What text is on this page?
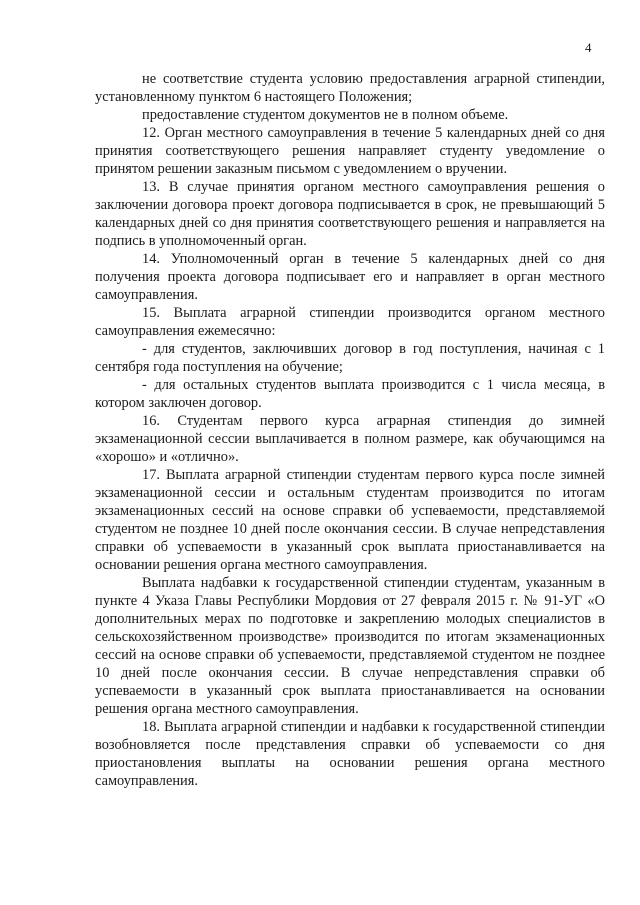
4

не соответствие студента условию предоставления аграрной стипендии, установленному пунктом 6 настоящего Положения;

предоставление студентом документов не в полном объеме.

12. Орган местного самоуправления в течение 5 календарных дней со дня принятия соответствующего решения направляет студенту уведомление о принятом решении заказным письмом с уведомлением о вручении.

13. В случае принятия органом местного самоуправления решения о заключении договора проект договора подписывается в срок, не превышающий 5 календарных дней со дня принятия соответствующего решения и направляется на подпись в уполномоченный орган.

14. Уполномоченный орган в течение 5 календарных дней со дня получения проекта договора подписывает его и направляет в орган местного самоуправления.

15. Выплата аграрной стипендии производится органом местного самоуправления ежемесячно:

- для студентов, заключивших договор в год поступления, начиная с 1 сентября года поступления на обучение;

- для остальных студентов выплата производится с 1 числа месяца, в котором заключен договор.

16. Студентам первого курса аграрная стипендия до зимней экзаменационной сессии выплачивается в полном размере, как обучающимся на «хорошо» и «отлично».

17. Выплата аграрной стипендии студентам первого курса после зимней экзаменационной сессии и остальным студентам производится по итогам экзаменационных сессий на основе справки об успеваемости, представляемой студентом не позднее 10 дней после окончания сессии. В случае непредставления справки об успеваемости в указанный срок выплата приостанавливается на основании решения органа местного самоуправления.

Выплата надбавки к государственной стипендии студентам, указанным в пункте 4 Указа Главы Республики Мордовия от 27 февраля 2015 г. № 91-УГ «О дополнительных мерах по подготовке и закреплению молодых специалистов в сельскохозяйственном производстве» производится по итогам экзаменационных сессий на основе справки об успеваемости, представляемой студентом не позднее 10 дней после окончания сессии. В случае непредставления справки об успеваемости в указанный срок выплата приостанавливается на основании решения органа местного самоуправления.

18. Выплата аграрной стипендии и надбавки к государственной стипендии возобновляется после представления справки об успеваемости со дня приостановления выплаты на основании решения органа местного самоуправления.
